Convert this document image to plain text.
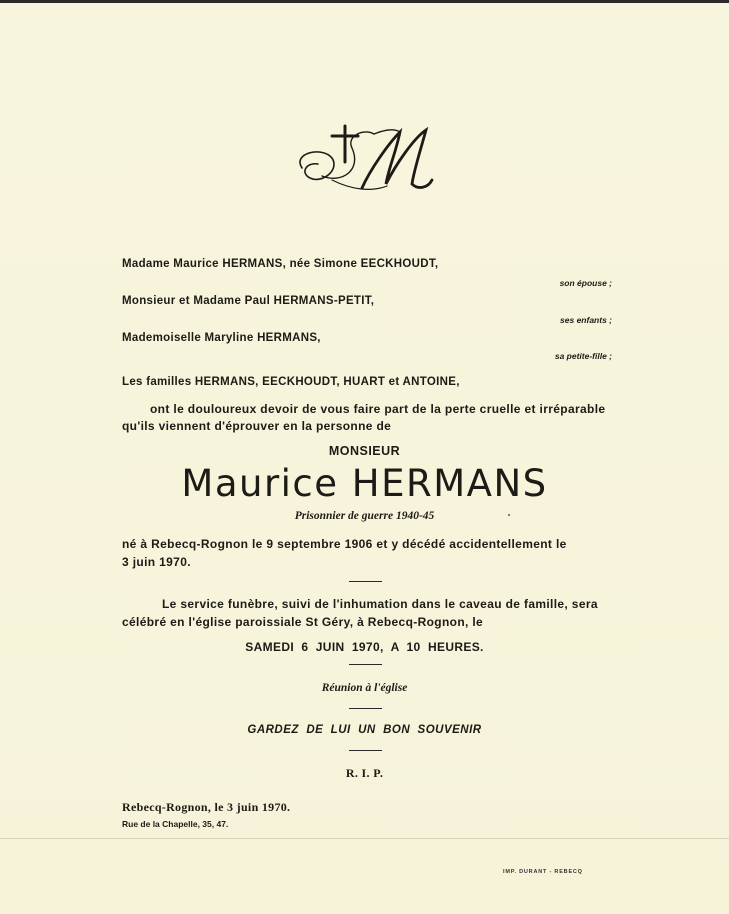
Madame Maurice HERMANS, née Simone EECKHOUDT,
son épouse ;
Monsieur et Madame Paul HERMANS-PETIT,
ses enfants ;
Mademoiselle Maryline HERMANS,
sa petite-fille ;
Les familles HERMANS, EECKHOUDT, HUART et ANTOINE,
ont le douloureux devoir de vous faire part de la perte cruelle et irréparable
qu'ils viennent d'éprouver en la personne de
MONSIEUR
Maurice HERMANS
Prisonnier de guerre 1940-45
né à Rebecq-Rognon le 9 septembre 1906 et y décédé accidentellement le
3 juin 1970.
Le service funèbre, suivi de l'inhumation dans le caveau de famille, sera
célébré en l'église paroissiale St Géry, à Rebecq-Rognon, le
SAMEDI  6  JUIN  1970,  A  10  HEURES.
Réunion à l'église
GARDEZ  DE  LUI  UN  BON  SOUVENIR
R. I. P.
Rebecq-Rognon, le 3 juin 1970.
Rue de la Chapelle, 35, 47.
IMP. DURANT - REBECQ
